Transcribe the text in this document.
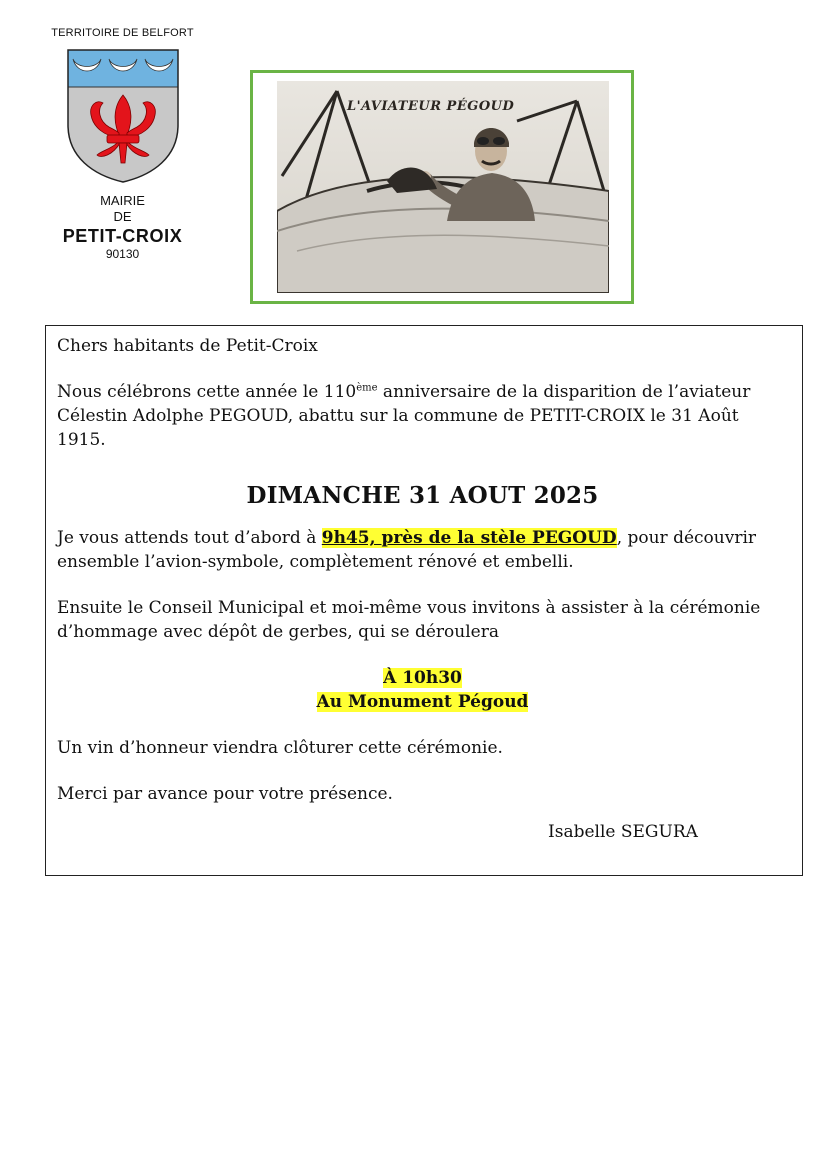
TERRITOIRE DE BELFORT
MAIRIE
DE
PETIT-CROIX
90130
L'AVIATEUR PÉGOUD

Chers habitants de Petit-Croix

Nous célébrons cette année le 110ème anniversaire de la disparition de l’aviateur Célestin Adolphe PEGOUD, abattu sur la commune de PETIT-CROIX le 31 Août 1915.

DIMANCHE 31 AOUT 2025

Je vous attends tout d’abord à 9h45, près de la stèle PEGOUD, pour découvrir ensemble l’avion-symbole, complètement rénové et embelli.

Ensuite le Conseil Municipal et moi-même vous invitons à assister à la cérémonie d’hommage avec dépôt de gerbes, qui se déroulera

À 10h30

Au Monument Pégoud

Un vin d’honneur viendra clôturer cette cérémonie.

Merci par avance pour votre présence.

Isabelle SEGURA
